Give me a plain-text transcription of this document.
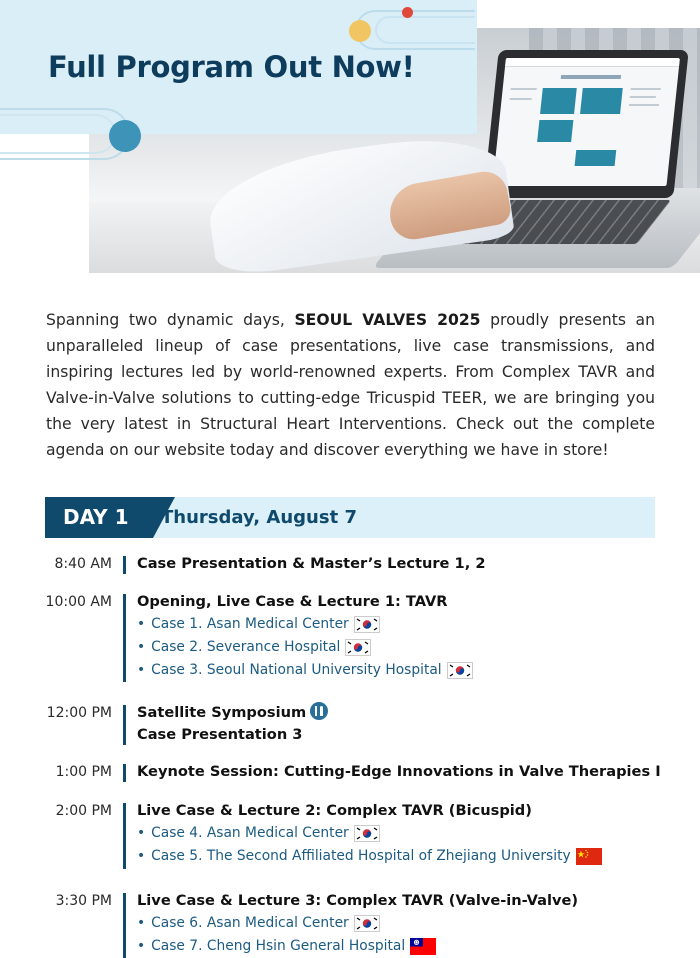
Full Program Out Now!

Spanning two dynamic days, SEOUL VALVES 2025 proudly presents an unparalleled lineup of case presentations, live case transmissions, and inspiring lectures led by world-renowned experts. From Complex TAVR and Valve-in-Valve solutions to cutting-edge Tricuspid TEER, we are bringing you the very latest in Structural Heart Interventions. Check out the complete agenda on our website today and discover everything we have in store!

DAY 1	Thursday, August 7
8:40 AM Case Presentation & Master’s Lecture 1, 2
10:00 AM Opening, Live Case & Lecture 1: TAVR
• Case 1. Asan Medical Center
• Case 2. Severance Hospital
• Case 3. Seoul National University Hospital
12:00 PM Satellite Symposium
Case Presentation 3
1:00 PM Keynote Session: Cutting-Edge Innovations in Valve Therapies I
2:00 PM Live Case & Lecture 2: Complex TAVR (Bicuspid)
• Case 4. Asan Medical Center
• Case 5. The Second Affiliated Hospital of Zhejiang University
3:30 PM Live Case & Lecture 3: Complex TAVR (Valve-in-Valve)
• Case 6. Asan Medical Center
• Case 7. Cheng Hsin General Hospital
